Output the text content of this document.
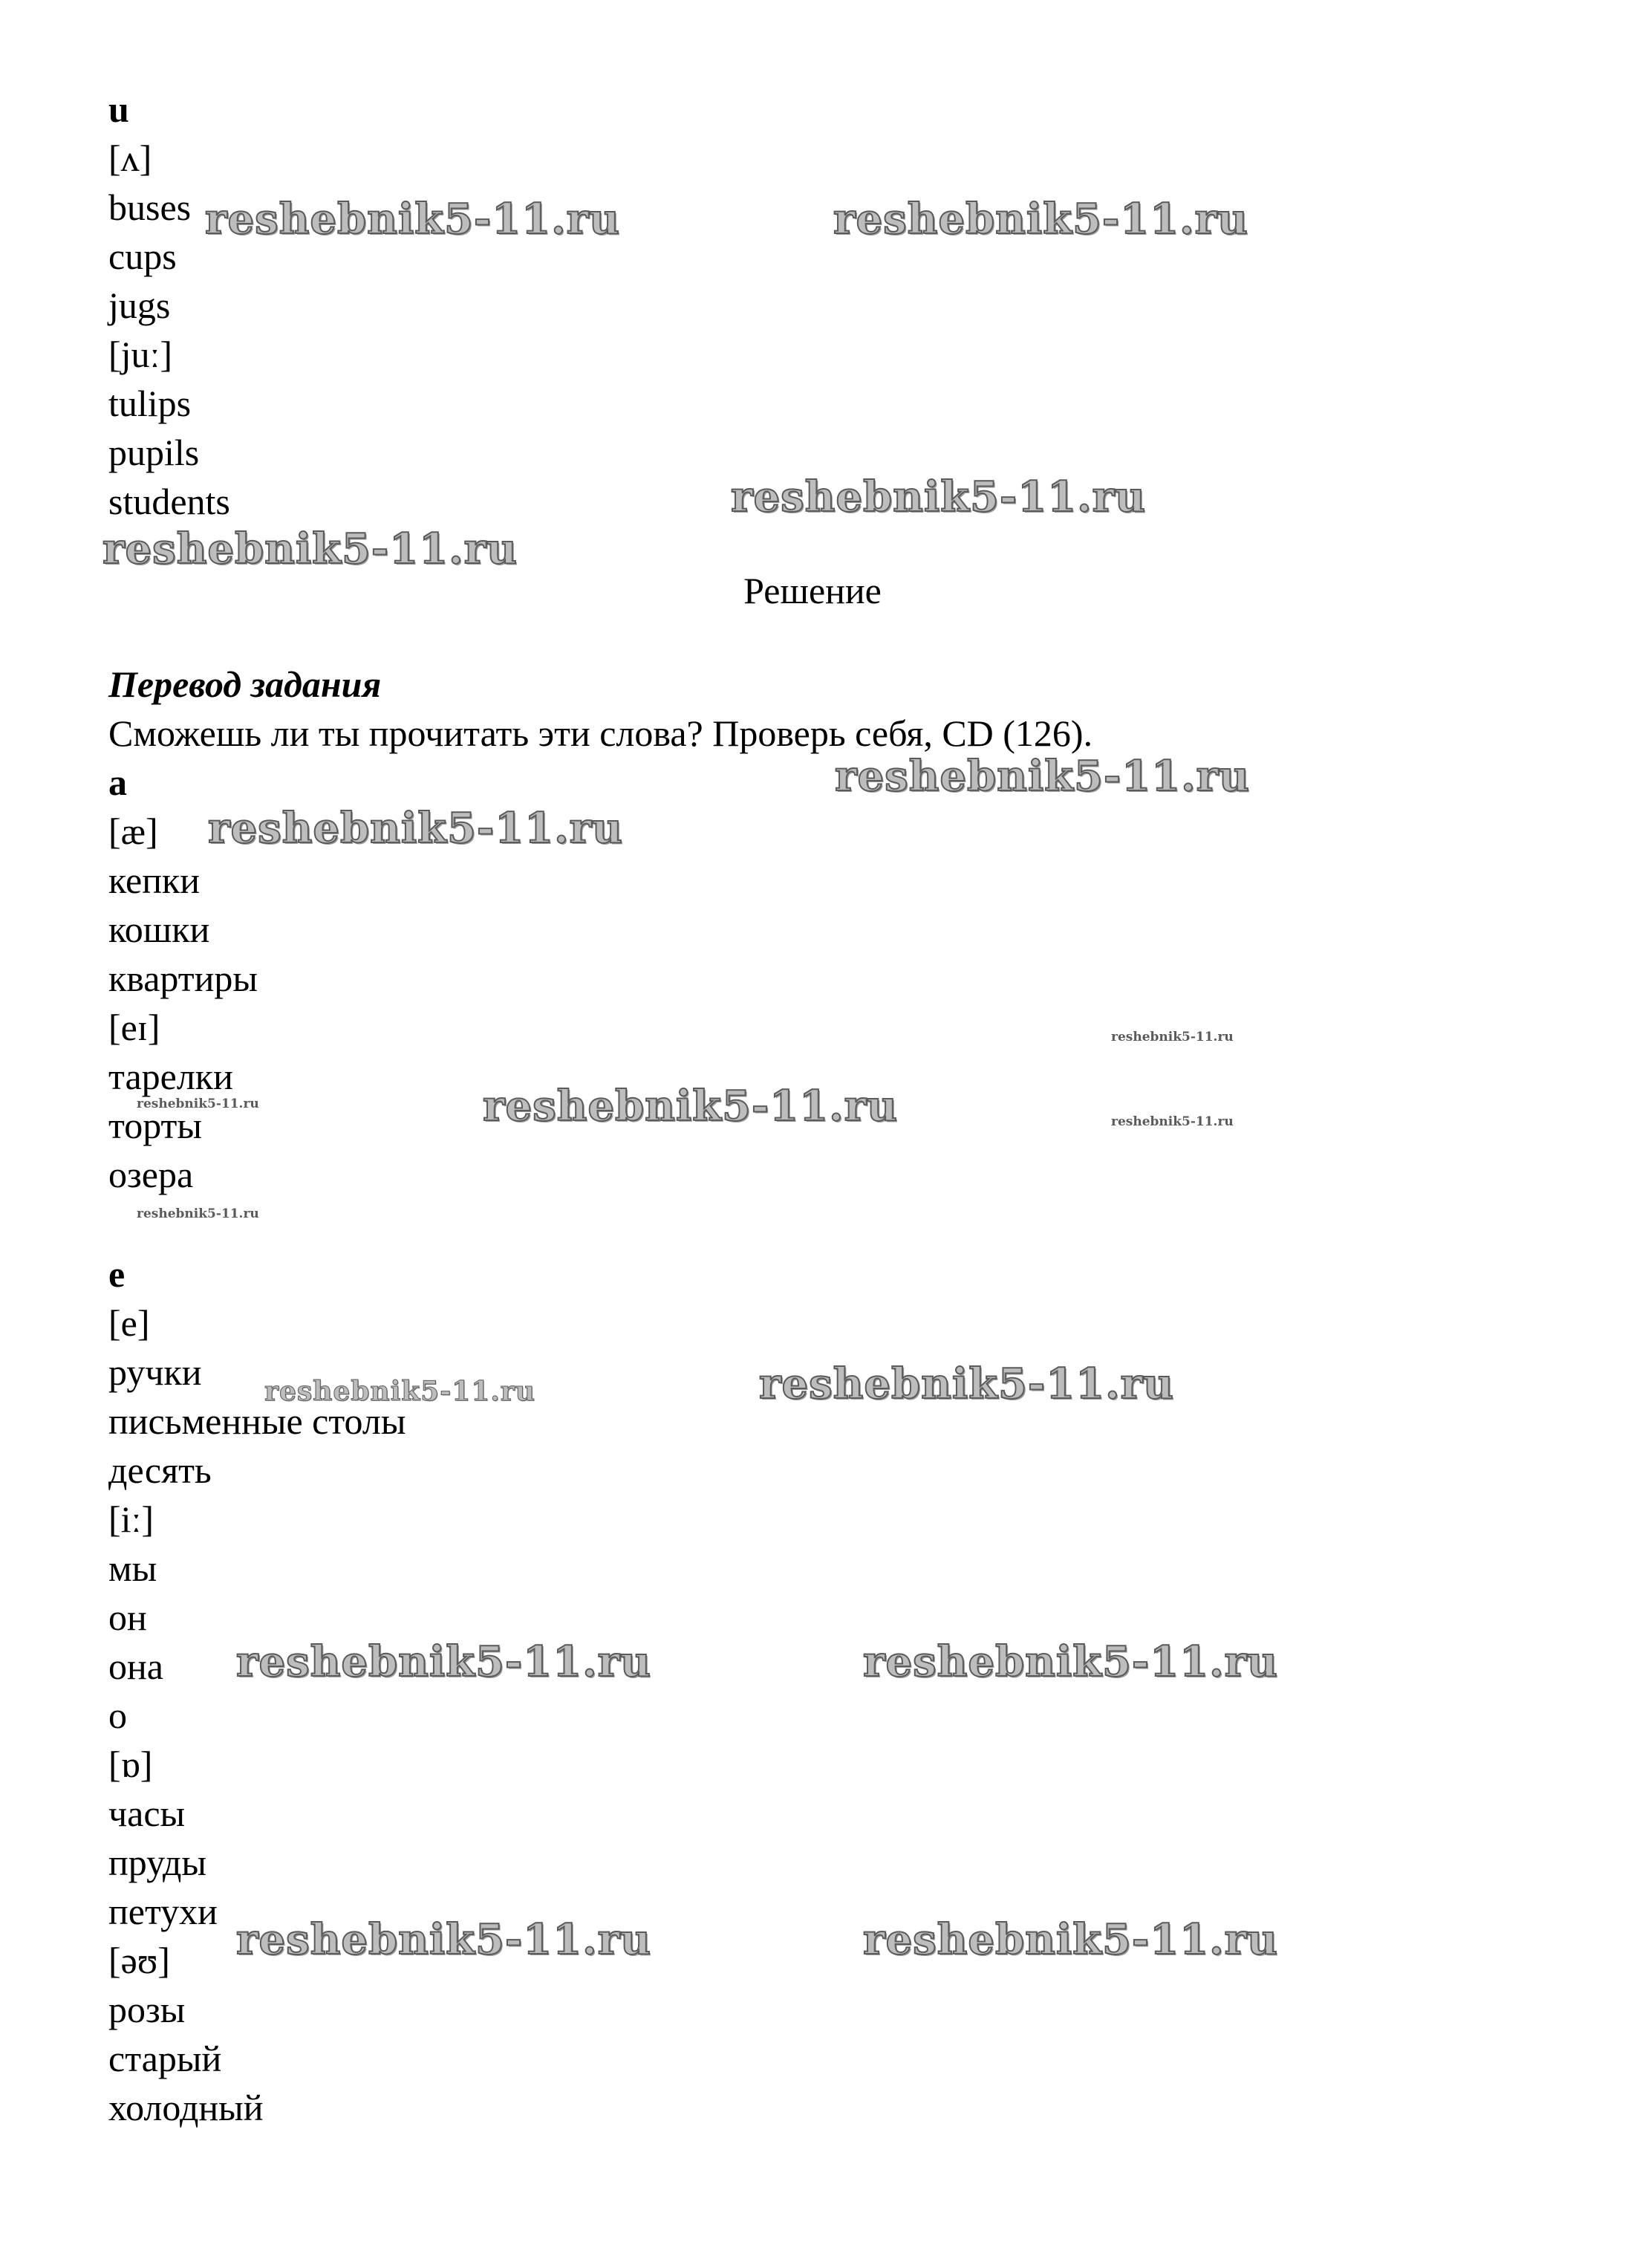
u
[ʌ]
buses
cups
jugs
[juː]
tulips
pupils
students
Решение
Перевод задания
Сможешь ли ты прочитать эти слова? Проверь себя, CD (126).
a
[æ]
кепки
кошки
квартиры
[eɪ]
тарелки
торты
озера
e
[e]
ручки
письменные столы
десять
[iː]
мы
он
она
о
[ɒ]
часы
пруды
петухи
[əʊ]
розы
старый
холодный
reshebnik5-11.ru	reshebnik5-11.ru
reshebnik5-11.ru
reshebnik5-11.ru
reshebnik5-11.ru
reshebnik5-11.ru
reshebnik5-11.ru
reshebnik5-11.ru
reshebnik5-11.ru	reshebnik5-11.ru
reshebnik5-11.ru	reshebnik5-11.ru
reshebnik5-11.ru
reshebnik5-11.ru
reshebnik5-11.ru
reshebnik5-11.ru
reshebnik5-11.ru
